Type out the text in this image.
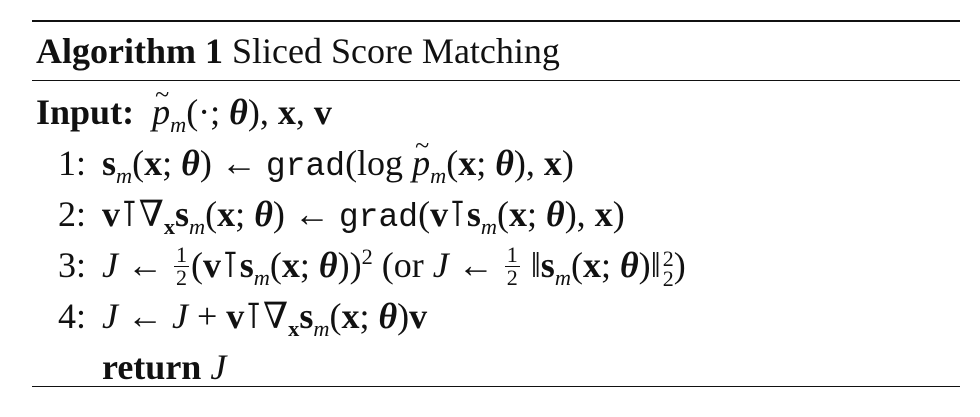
Algorithm 1 Sliced Score Matching
Input:  ~ $p_m(\cdot$; θ), x, v
1: $s_m(x$; θ) ← grad(log ~ $p_m(x$; θ), x)
2: $v⊺\nabla_xs_m(x$; θ) ← $grad(v⊺s_m(x$; θ), x)
3: J ← $\frac{1}{2}$ ($v⊺s_m(x$; θ))$^2$ (or J ← $\frac{1}{2}$ $‖s_m(x$; θ)‖ 2
2 )
4: J ← $J + v⊺\nabla_xs_m(x$; θ)v
return J
